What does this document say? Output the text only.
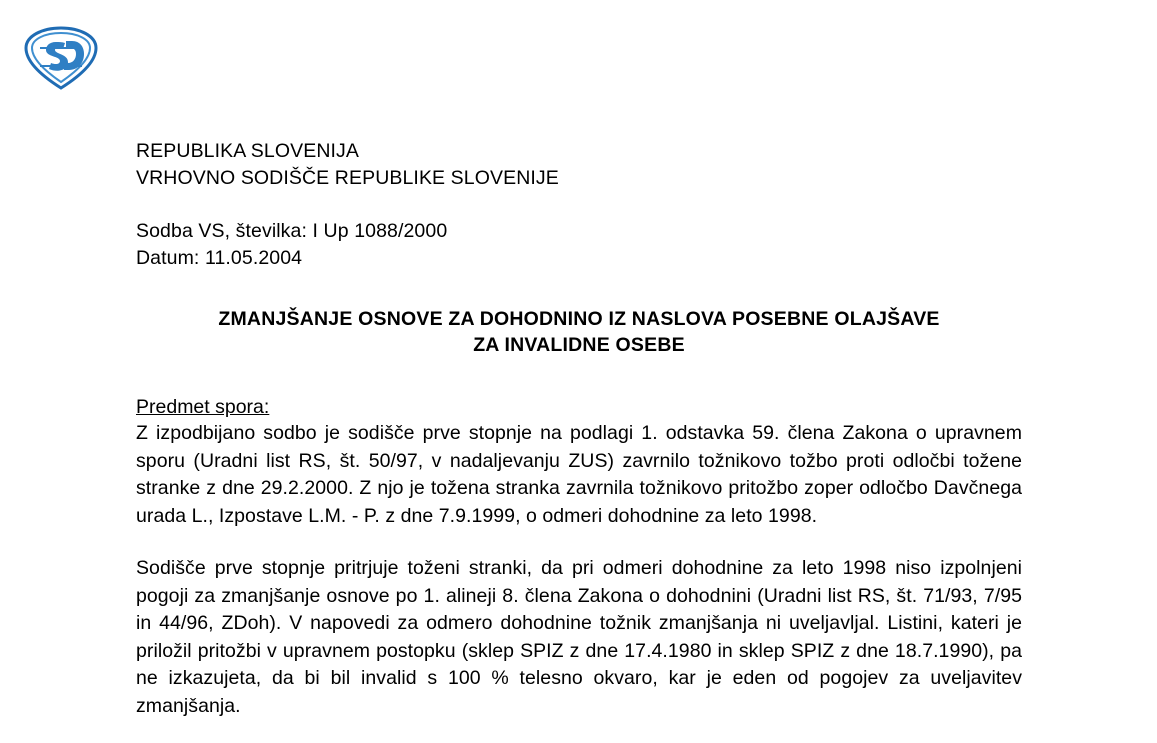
REPUBLIKA SLOVENIJA
VRHOVNO SODIŠČE REPUBLIKE SLOVENIJE
Sodba VS, številka: I Up 1088/2000
Datum: 11.05.2004
ZMANJŠANJE OSNOVE ZA DOHODNINO IZ NASLOVA POSEBNE OLAJŠAVE
ZA INVALIDNE OSEBE
Predmet spora:

Z izpodbijano sodbo je sodišče prve stopnje na podlagi 1. odstavka 59. člena Zakona o upravnem sporu (Uradni list RS, št. 50/97, v nadaljevanju ZUS) zavrnilo tožnikovo tožbo proti odločbi tožene stranke z dne 29.2.2000. Z njo je tožena stranka zavrnila tožnikovo pritožbo zoper odločbo Davčnega urada L., Izpostave L.M. - P. z dne 7.9.1999, o odmeri dohodnine za leto 1998.

Sodišče prve stopnje pritrjuje toženi stranki, da pri odmeri dohodnine za leto 1998 niso izpolnjeni pogoji za zmanjšanje osnove po 1. alineji 8. člena Zakona o dohodnini (Uradni list RS, št. 71/93, 7/95 in 44/96, ZDoh). V napovedi za odmero dohodnine tožnik zmanjšanja ni uveljavljal. Listini, kateri je priložil pritožbi v upravnem postopku (sklep SPIZ z dne 17.4.1980 in sklep SPIZ z dne 18.7.1990), pa ne izkazujeta, da bi bil invalid s 100 % telesno okvaro, kar je eden od pogojev za uveljavitev zmanjšanja.
